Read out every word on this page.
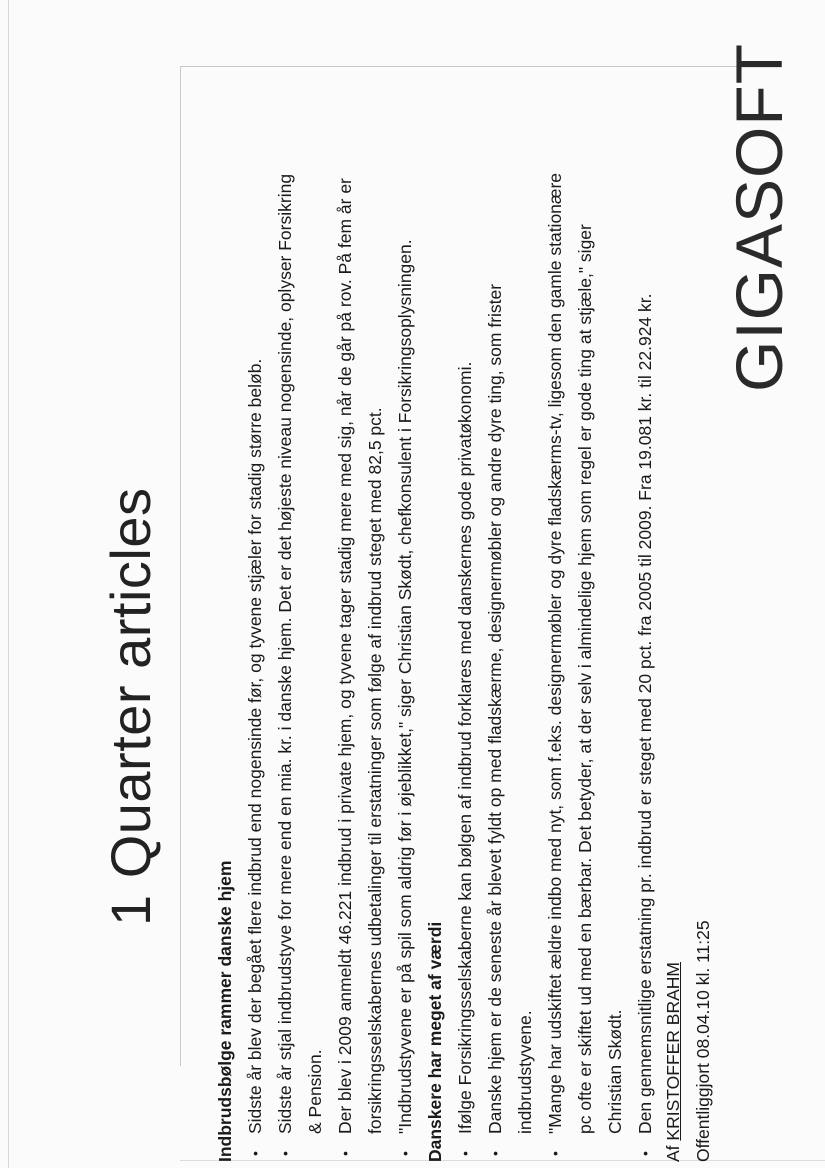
1 Quarter articles
Indbrudsbølge rammer danske hjem •
Sidste år blev der begået flere indbrud end nogensinde før, og tyvene stjæler for stadig større beløb.
•
Sidste år stjal indbrudstyve for mere end en mia. kr. i danske hjem. Det er det højeste niveau nogensinde, oplyser Forsikring & Pension.
•
Der blev i 2009 anmeldt 46.221 indbrud i private hjem, og tyvene tager stadig mere med sig, når de går på rov. På fem år er forsikringsselskabernes udbetalinger til erstatninger som følge af indbrud steget med 82,5 pct.
•
"Indbrudstyvene er på spil som aldrig før i øjeblikket," siger Christian Skødt, chefkonsulent i Forsikringsoplysningen. Danskere har meget af værdi •
Ifølge Forsikringsselskaberne kan bølgen af indbrud forklares med danskernes gode privatøkonomi.
•
Danske hjem er de seneste år blevet fyldt op med fladskærme, designermøbler og andre dyre ting, som frister indbrudstyvene.
•
"Mange har udskiftet ældre indbo med nyt, som f.eks. designermøbler og dyre fladskærms-tv, ligesom den gamle stationære pc ofte er skiftet ud med en bærbar. Det betyder, at der selv i almindelige hjem som regel er gode ting at stjæle," siger Christian Skødt.
•
Den gennemsnitlige erstatning pr. indbrud er steget med 20 pct. fra 2005 til 2009. Fra 19.081 kr. til 22.924 kr.
Af KRISTOFFER BRAHM Offentliggjort 08.04.10 kl. 11:25
GIGASOFT
